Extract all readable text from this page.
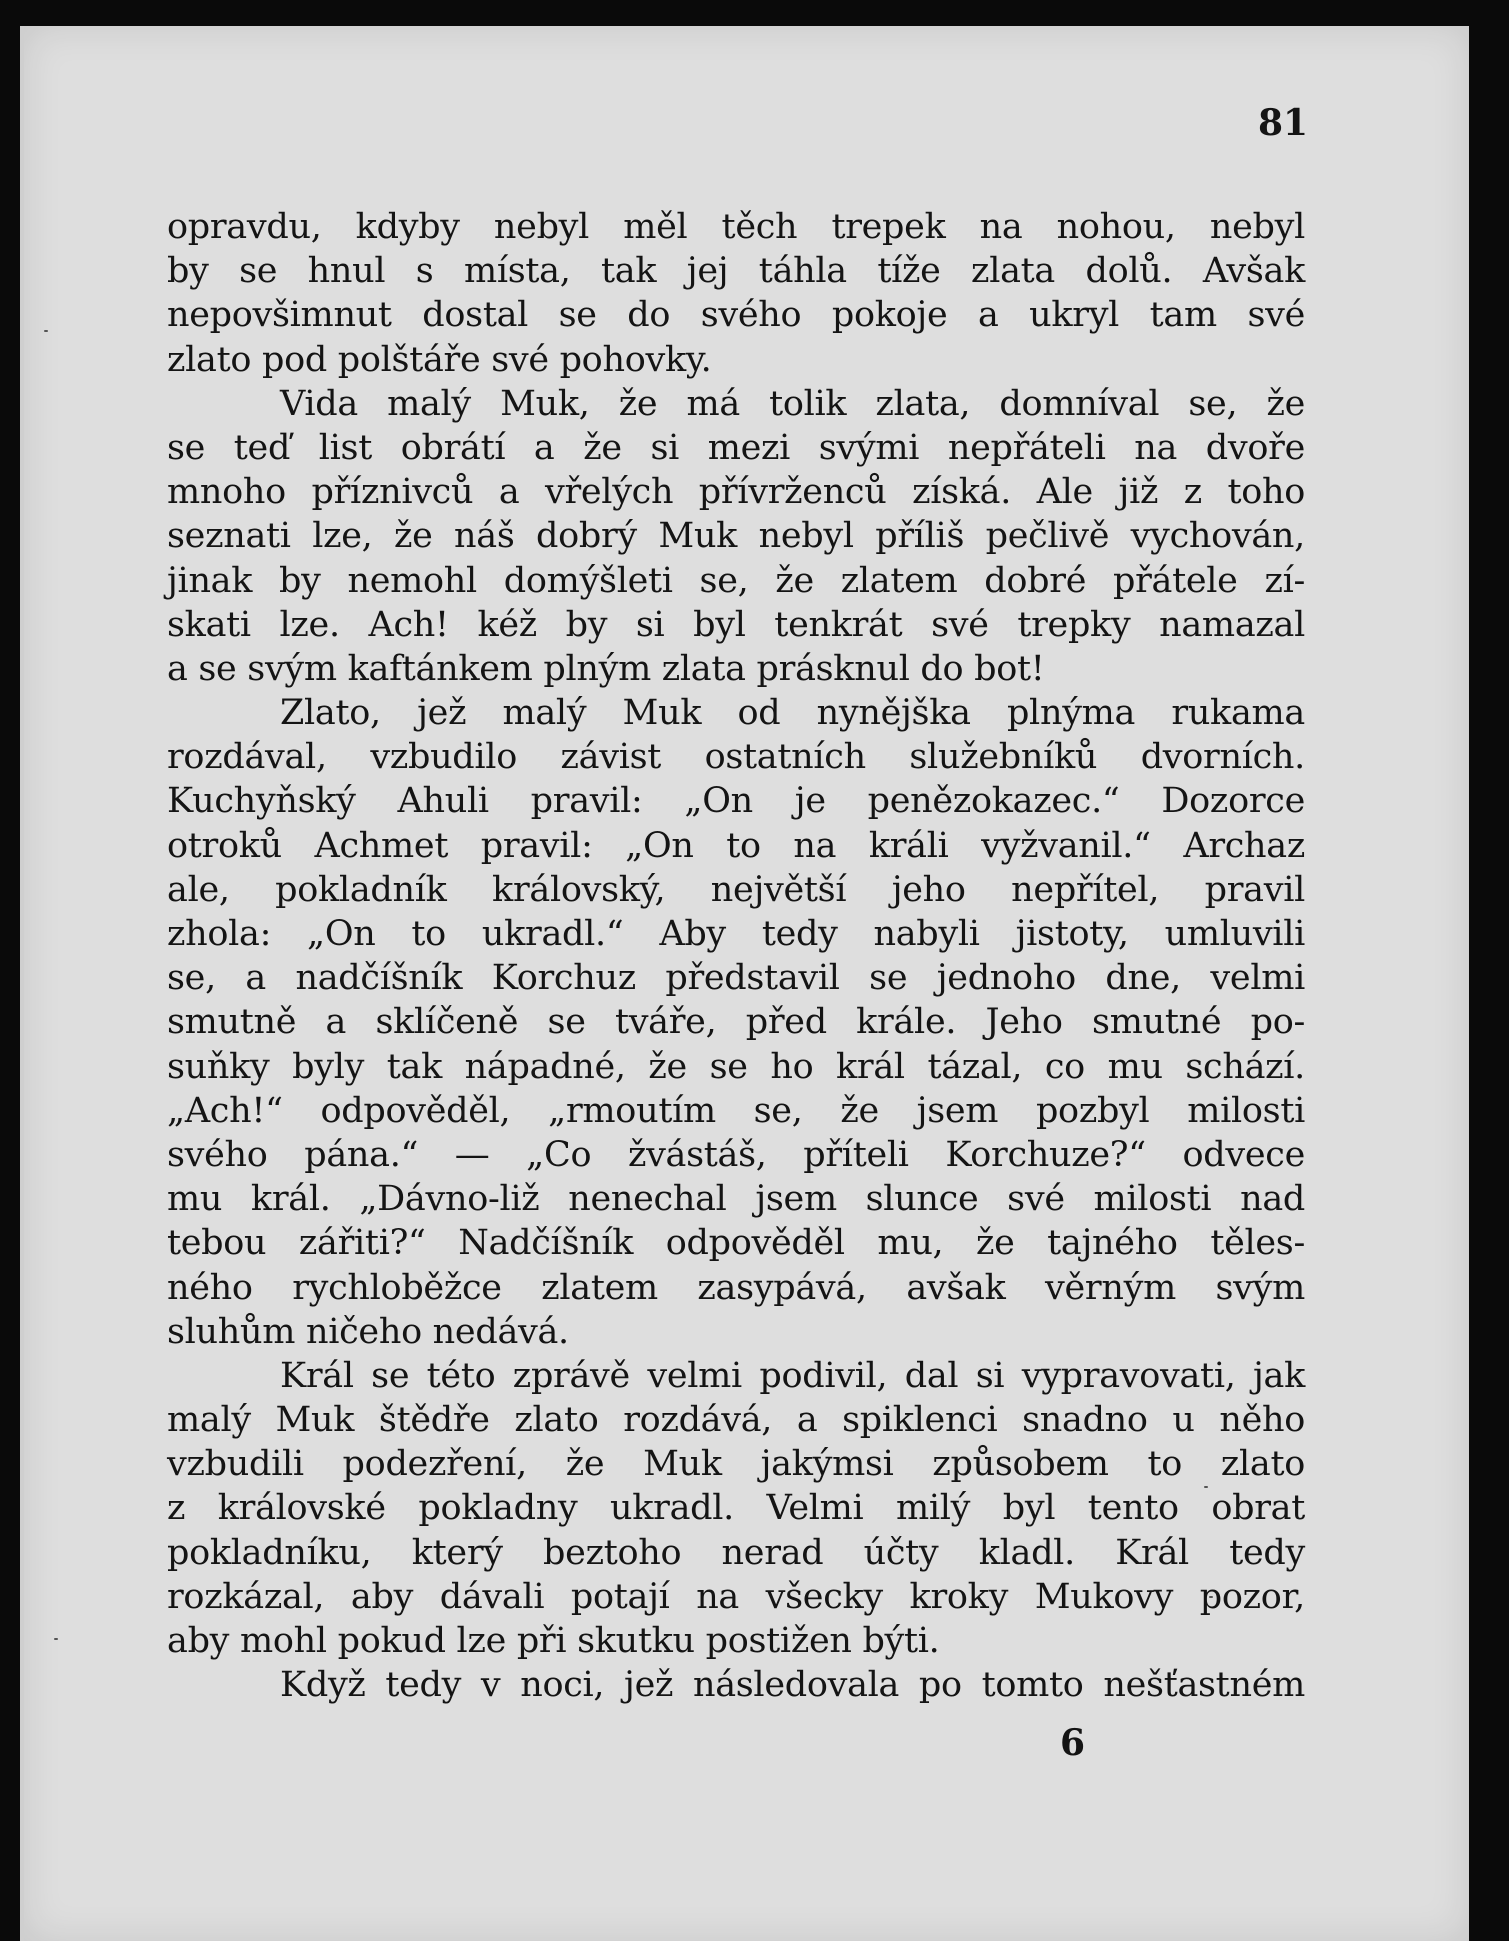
81
opravdu, kdyby nebyl měl těch trepek na nohou, nebyl
by se hnul s místa, tak jej táhla tíže zlata dolů. Avšak
nepovšimnut dostal se do svého pokoje a ukryl tam své
zlato pod polštáře své pohovky.
Vida malý Muk, že má tolik zlata, domníval se, že
se teď list obrátí a že si mezi svými nepřáteli na dvoře
mnoho příznivců a vřelých přívrženců získá. Ale již z toho
seznati lze, že náš dobrý Muk nebyl příliš pečlivě vychován,
jinak by nemohl domýšleti se, že zlatem dobré přátele zí-
skati lze. Ach! kéž by si byl tenkrát své trepky namazal
a se svým kaftánkem plným zlata prásknul do bot!
Zlato, jež malý Muk od nynějška plnýma rukama
rozdával, vzbudilo závist ostatních služebníků dvorních.
Kuchyňský Ahuli pravil: „On je penězokazec.“ Dozorce
otroků Achmet pravil: „On to na králi vyžvanil.“ Archaz
ale, pokladník královský, největší jeho nepřítel, pravil
zhola: „On to ukradl.“ Aby tedy nabyli jistoty, umluvili
se, a nadčíšník Korchuz představil se jednoho dne, velmi
smutně a sklíčeně se tváře, před krále. Jeho smutné po-
suňky byly tak nápadné, že se ho král tázal, co mu schází.
„Ach!“ odpověděl, „rmoutím se, že jsem pozbyl milosti
svého pána.“ — „Co žvástáš, příteli Korchuze?“ odvece
mu král. „Dávno-liž nenechal jsem slunce své milosti nad
tebou zářiti?“ Nadčíšník odpověděl mu, že tajného těles-
ného rychloběžce zlatem zasypává, avšak věrným svým
sluhům ničeho nedává.
Král se této zprávě velmi podivil, dal si vypravovati, jak
malý Muk štědře zlato rozdává, a spiklenci snadno u něho
vzbudili podezření, že Muk jakýmsi způsobem to zlato
z královské pokladny ukradl. Velmi milý byl tento obrat
pokladníku, který beztoho nerad účty kladl. Král tedy
rozkázal, aby dávali potají na všecky kroky Mukovy pozor,
aby mohl pokud lze při skutku postižen býti.
Když tedy v noci, jež následovala po tomto nešťastném
6
